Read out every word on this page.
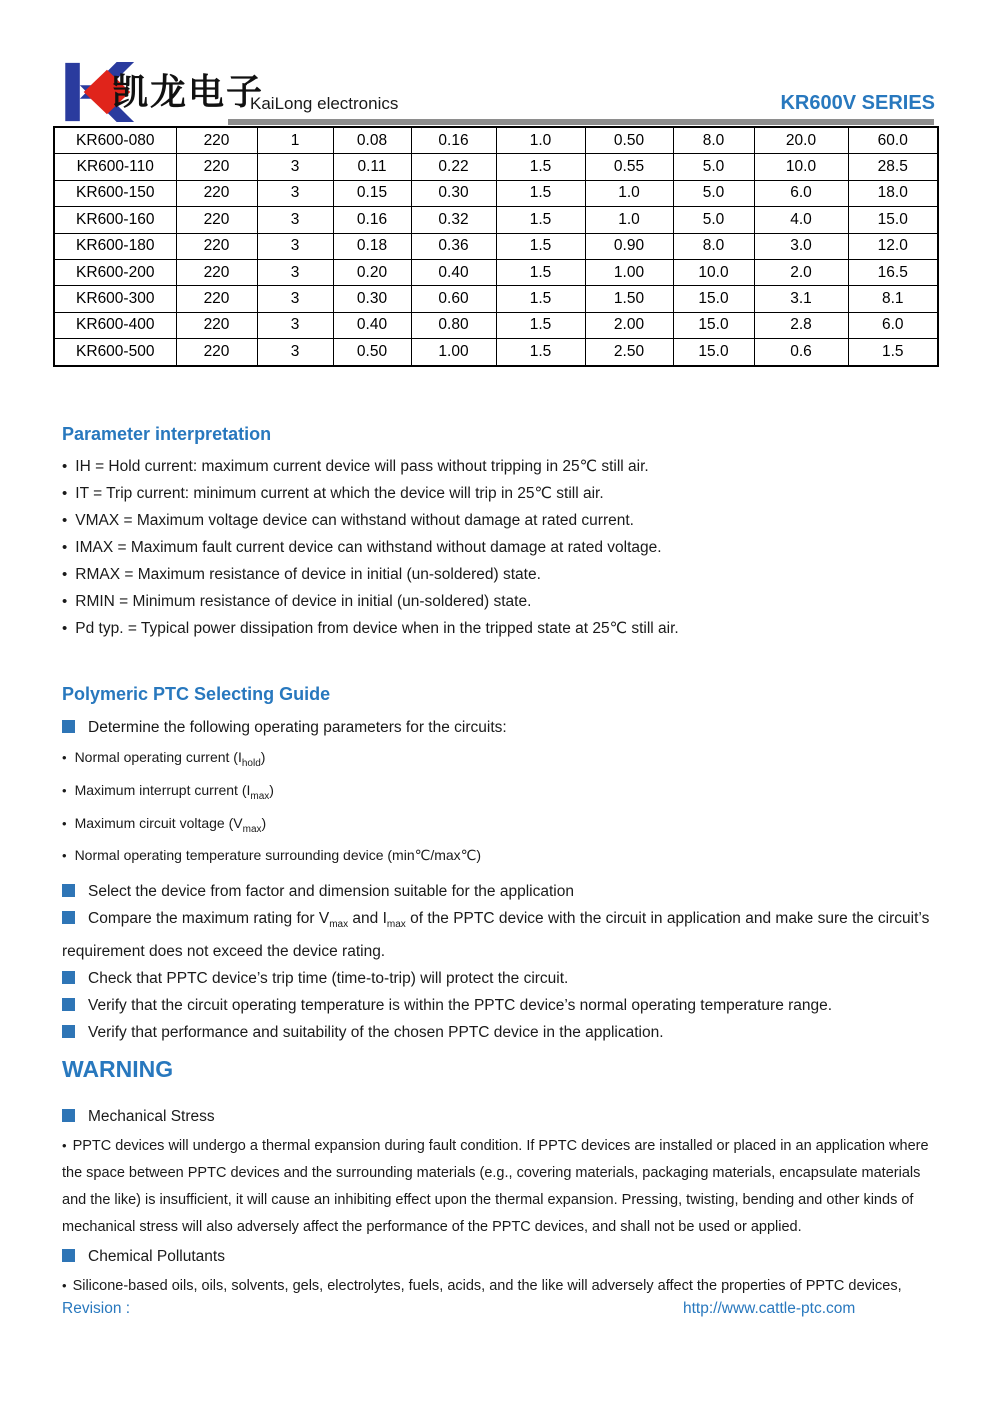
凯龙电子
KaiLong electronics	KR600V SERIES
KR600-080	220	1	0.08	0.16	1.0	0.50	8.0	20.0	60.0
KR600-110	220	3	0.11	0.22	1.5	0.55	5.0	10.0	28.5
KR600-150	220	3	0.15	0.30	1.5	1.0	5.0	6.0	18.0
KR600-160	220	3	0.16	0.32	1.5	1.0	5.0	4.0	15.0
KR600-180	220	3	0.18	0.36	1.5	0.90	8.0	3.0	12.0
KR600-200	220	3	0.20	0.40	1.5	1.00	10.0	2.0	16.5
KR600-300	220	3	0.30	0.60	1.5	1.50	15.0	3.1	8.1
KR600-400	220	3	0.40	0.80	1.5	2.00	15.0	2.8	6.0
KR600-500	220	3	0.50	1.00	1.5	2.50	15.0	0.6	1.5
Parameter interpretation
• IH = Hold current: maximum current device will pass without tripping in 25℃ still air.
• IT = Trip current: minimum current at which the device will trip in 25℃ still air.
• VMAX = Maximum voltage device can withstand without damage at rated current.
• IMAX = Maximum fault current device can withstand without damage at rated voltage.
• RMAX = Maximum resistance of device in initial (un-soldered) state.
• RMIN = Minimum resistance of device in initial (un-soldered) state.
• Pd typ. = Typical power dissipation from device when in the tripped state at 25℃ still air.
Polymeric PTC Selecting Guide
Determine the following operating parameters for the circuits:
• Normal operating current $(I_{hold})$
• Maximum interrupt current $(I_{max})$
• Maximum circuit voltage $(V_{max})$
• Normal operating temperature surrounding device (min℃/max℃)
Select the device from factor and dimension suitable for the application
Compare the maximum rating for $V_{max}$ and $I_{max}$ of the PPTC device with the circuit in application and make sure the circuit’s requirement does not exceed the device rating.
Check that PPTC device’s trip time (time-to-trip) will protect the circuit.
Verify that the circuit operating temperature is within the PPTC device’s normal operating temperature range.
Verify that performance and suitability of the chosen PPTC device in the application.
WARNING
Mechanical Stress
• PPTC devices will undergo a thermal expansion during fault condition. If PPTC devices are installed or placed in an application where the space between PPTC devices and the surrounding materials (e.g., covering materials, packaging materials, encapsulate materials and the like) is insufficient, it will cause an inhibiting effect upon the thermal expansion. Pressing, twisting, bending and other kinds of mechanical stress will also adversely affect the performance of the PPTC devices, and shall not be used or applied.
Chemical Pollutants
• Silicone-based oils, oils, solvents, gels, electrolytes, fuels, acids, and the like will adversely affect the properties of PPTC devices,
Revision :	http://www.cattle-ptc.com
